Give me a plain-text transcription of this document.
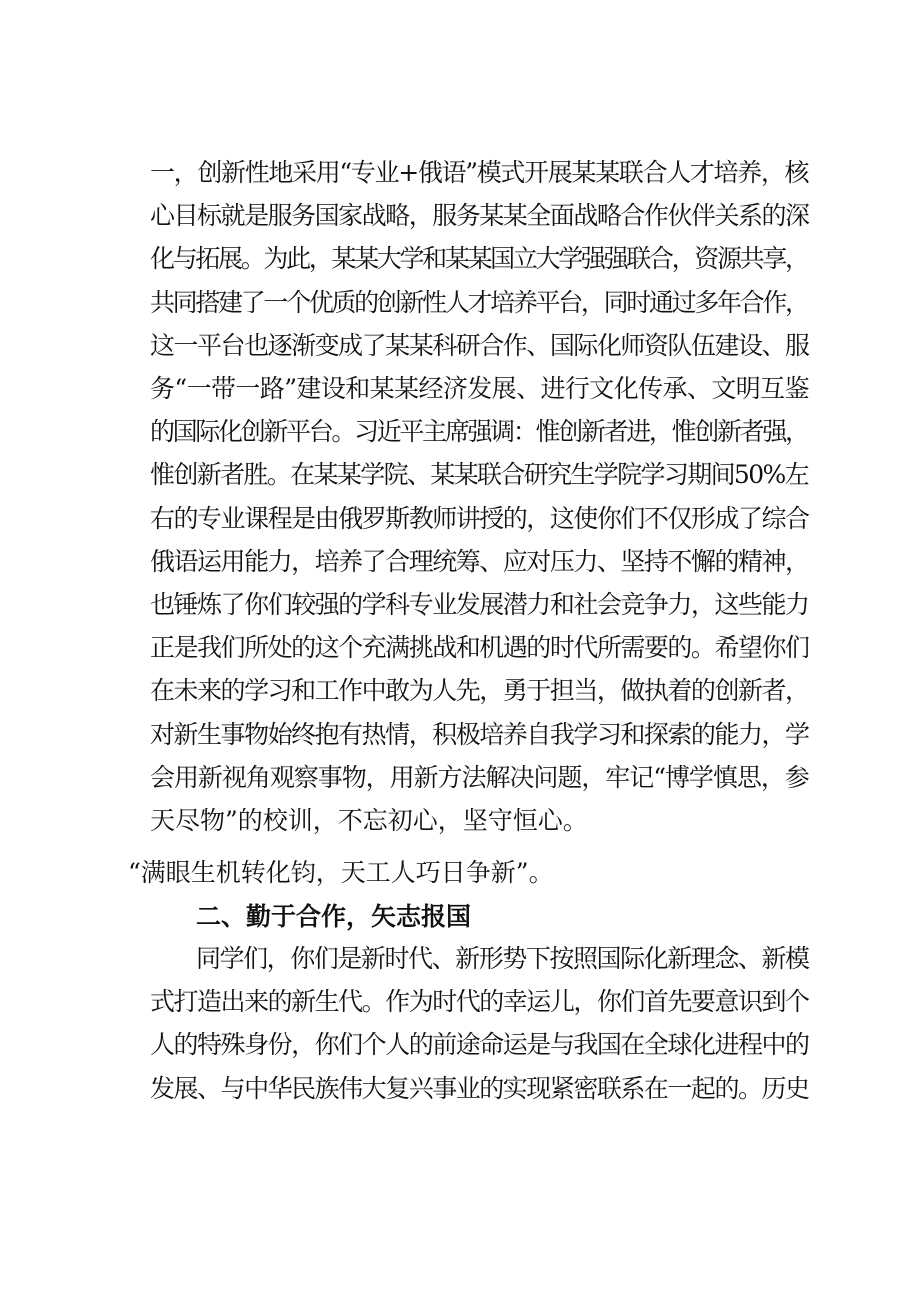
一，创新性地采用“专业+俄语”模式开展某某联合人才培养，核
心目标就是服务国家战略，服务某某全面战略合作伙伴关系的深
化与拓展。为此，某某大学和某某国立大学强强联合，资源共享，
共同搭建了一个优质的创新性人才培养平台，同时通过多年合作，
这一平台也逐渐变成了某某科研合作、国际化师资队伍建设、服
务“一带一路”建设和某某经济发展、进行文化传承、文明互鉴
的国际化创新平台。习近平主席强调：惟创新者进，惟创新者强，
惟创新者胜。在某某学院、某某联合研究生学院学习期间50%左
右的专业课程是由俄罗斯教师讲授的，这使你们不仅形成了综合
俄语运用能力，培养了合理统筹、应对压力、坚持不懈的精神，
也锤炼了你们较强的学科专业发展潜力和社会竞争力，这些能力
正是我们所处的这个充满挑战和机遇的时代所需要的。希望你们
在未来的学习和工作中敢为人先，勇于担当，做执着的创新者，
对新生事物始终抱有热情，积极培养自我学习和探索的能力，学
会用新视角观察事物，用新方法解决问题，牢记“博学慎思，参
天尽物”的校训，不忘初心，坚守恒心。
“满眼生机转化钧，天工人巧日争新”。
二、勤于合作，矢志报国
同学们，你们是新时代、新形势下按照国际化新理念、新模
式打造出来的新生代。作为时代的幸运儿，你们首先要意识到个
人的特殊身份，你们个人的前途命运是与我国在全球化进程中的
发展、与中华民族伟大复兴事业的实现紧密联系在一起的。历史
